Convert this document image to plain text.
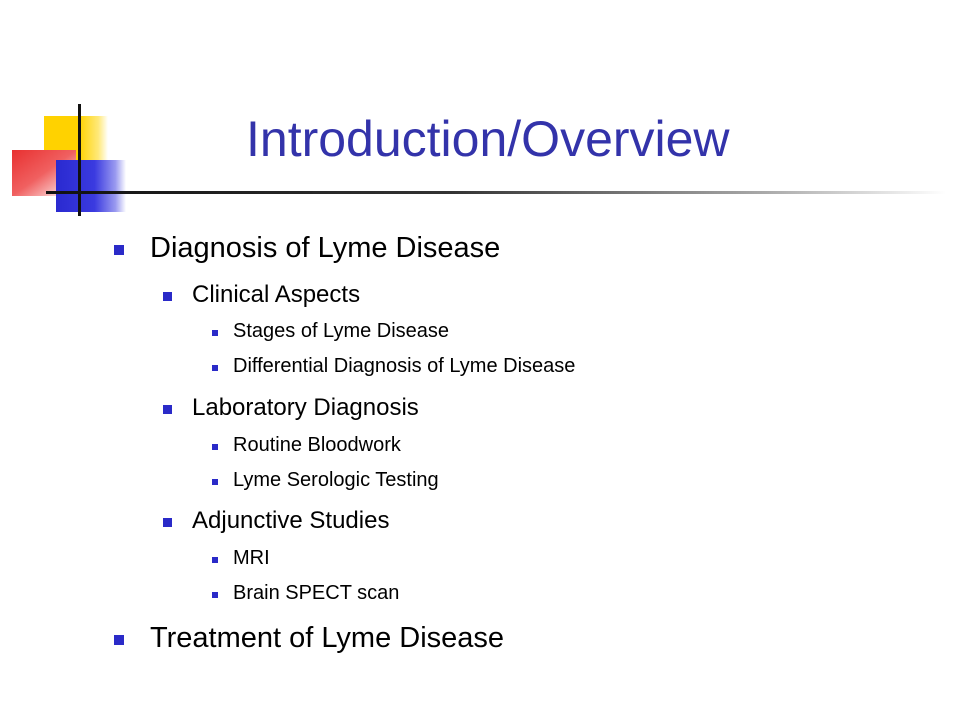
Introduction/Overview
Diagnosis of Lyme Disease
Clinical Aspects
Stages of Lyme Disease
Differential Diagnosis of Lyme Disease
Laboratory Diagnosis
Routine Bloodwork
Lyme Serologic Testing
Adjunctive Studies
MRI
Brain SPECT scan
Treatment of Lyme Disease
